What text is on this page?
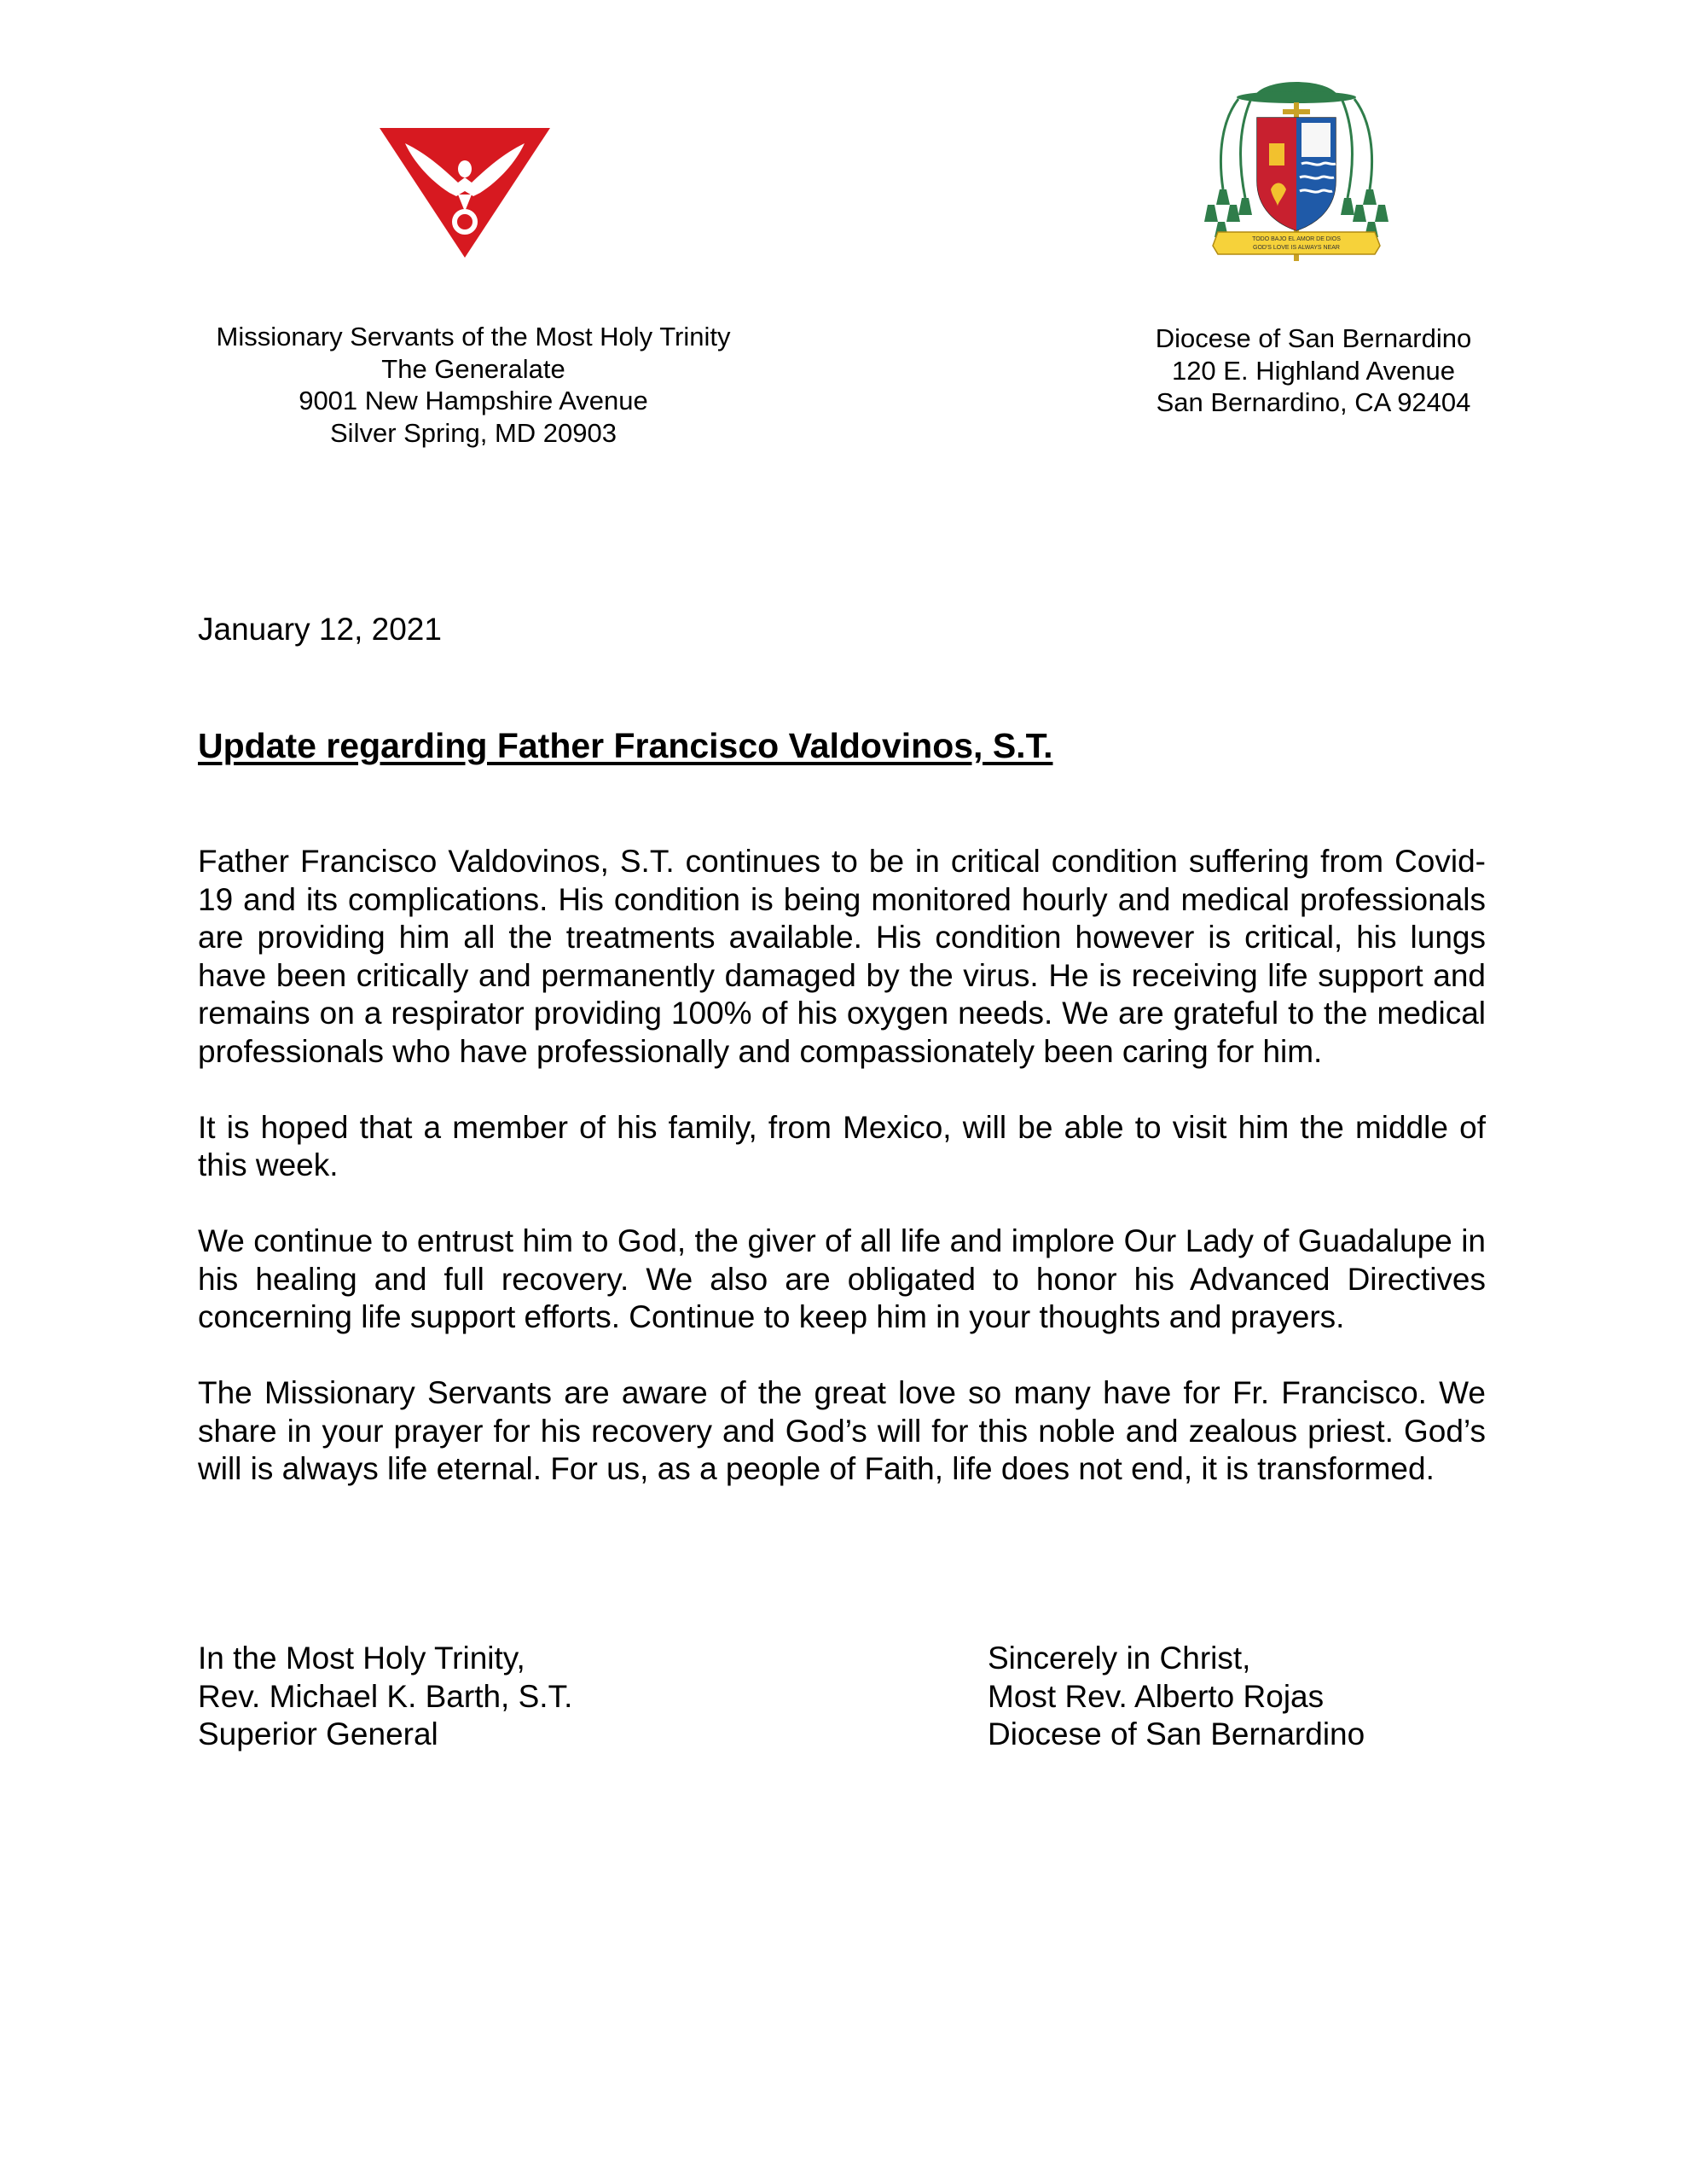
TODO BAJO EL AMOR DE DIOS
GOD'S LOVE IS ALWAYS NEAR
Missionary Servants of the Most Holy Trinity
The Generalate
9001 New Hampshire Avenue
Silver Spring, MD 20903
Diocese of San Bernardino
120 E. Highland Avenue
San Bernardino, CA 92404
January 12, 2021
Update regarding Father Francisco Valdovinos, S.T.

Father Francisco Valdovinos, S.T. continues to be in critical condition suffering from Covid-19 and its complications. His condition is being monitored hourly and medical professionals are providing him all the treatments available. His condition however is critical, his lungs have been critically and permanently damaged by the virus. He is receiving life support and remains on a respirator providing 100% of his oxygen needs. We are grateful to the medical professionals who have professionally and compassionately been caring for him.

It is hoped that a member of his family, from Mexico, will be able to visit him the middle of this week.

We continue to entrust him to God, the giver of all life and implore Our Lady of Guadalupe in his healing and full recovery. We also are obligated to honor his Advanced Directives concerning life support efforts. Continue to keep him in your thoughts and prayers.

The Missionary Servants are aware of the great love so many have for Fr. Francisco. We share in your prayer for his recovery and God’s will for this noble and zealous priest. God’s will is always life eternal. For us, as a people of Faith, life does not end, it is transformed.

In the Most Holy Trinity,
Rev. Michael K. Barth, S.T.
Superior General
Sincerely in Christ,
Most Rev. Alberto Rojas
Diocese of San Bernardino
